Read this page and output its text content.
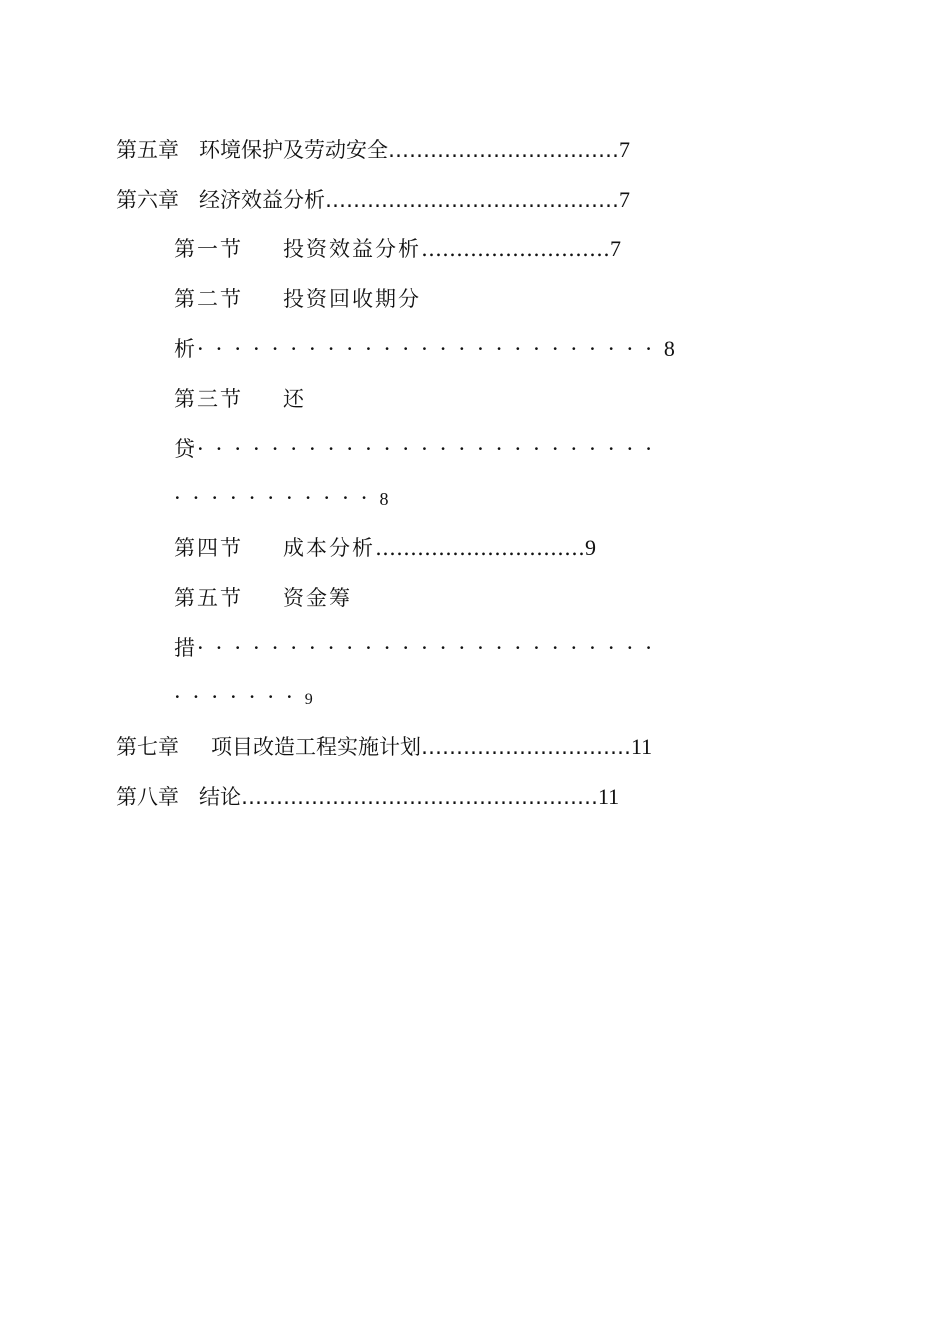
第五章 环境保护及劳动安全……………………………7
第六章 经济效益分析……………………………………7
第一节 投资效益分析………………………7
第二节 投资回收期分
析·························8
第三节 还
贷·························
···········8
第四节 成本分析…………………………9
第五节 资金筹
措·························
·······9
第七章 项目改造工程实施计划…………………………11
第八章 结论……………………………………………11
